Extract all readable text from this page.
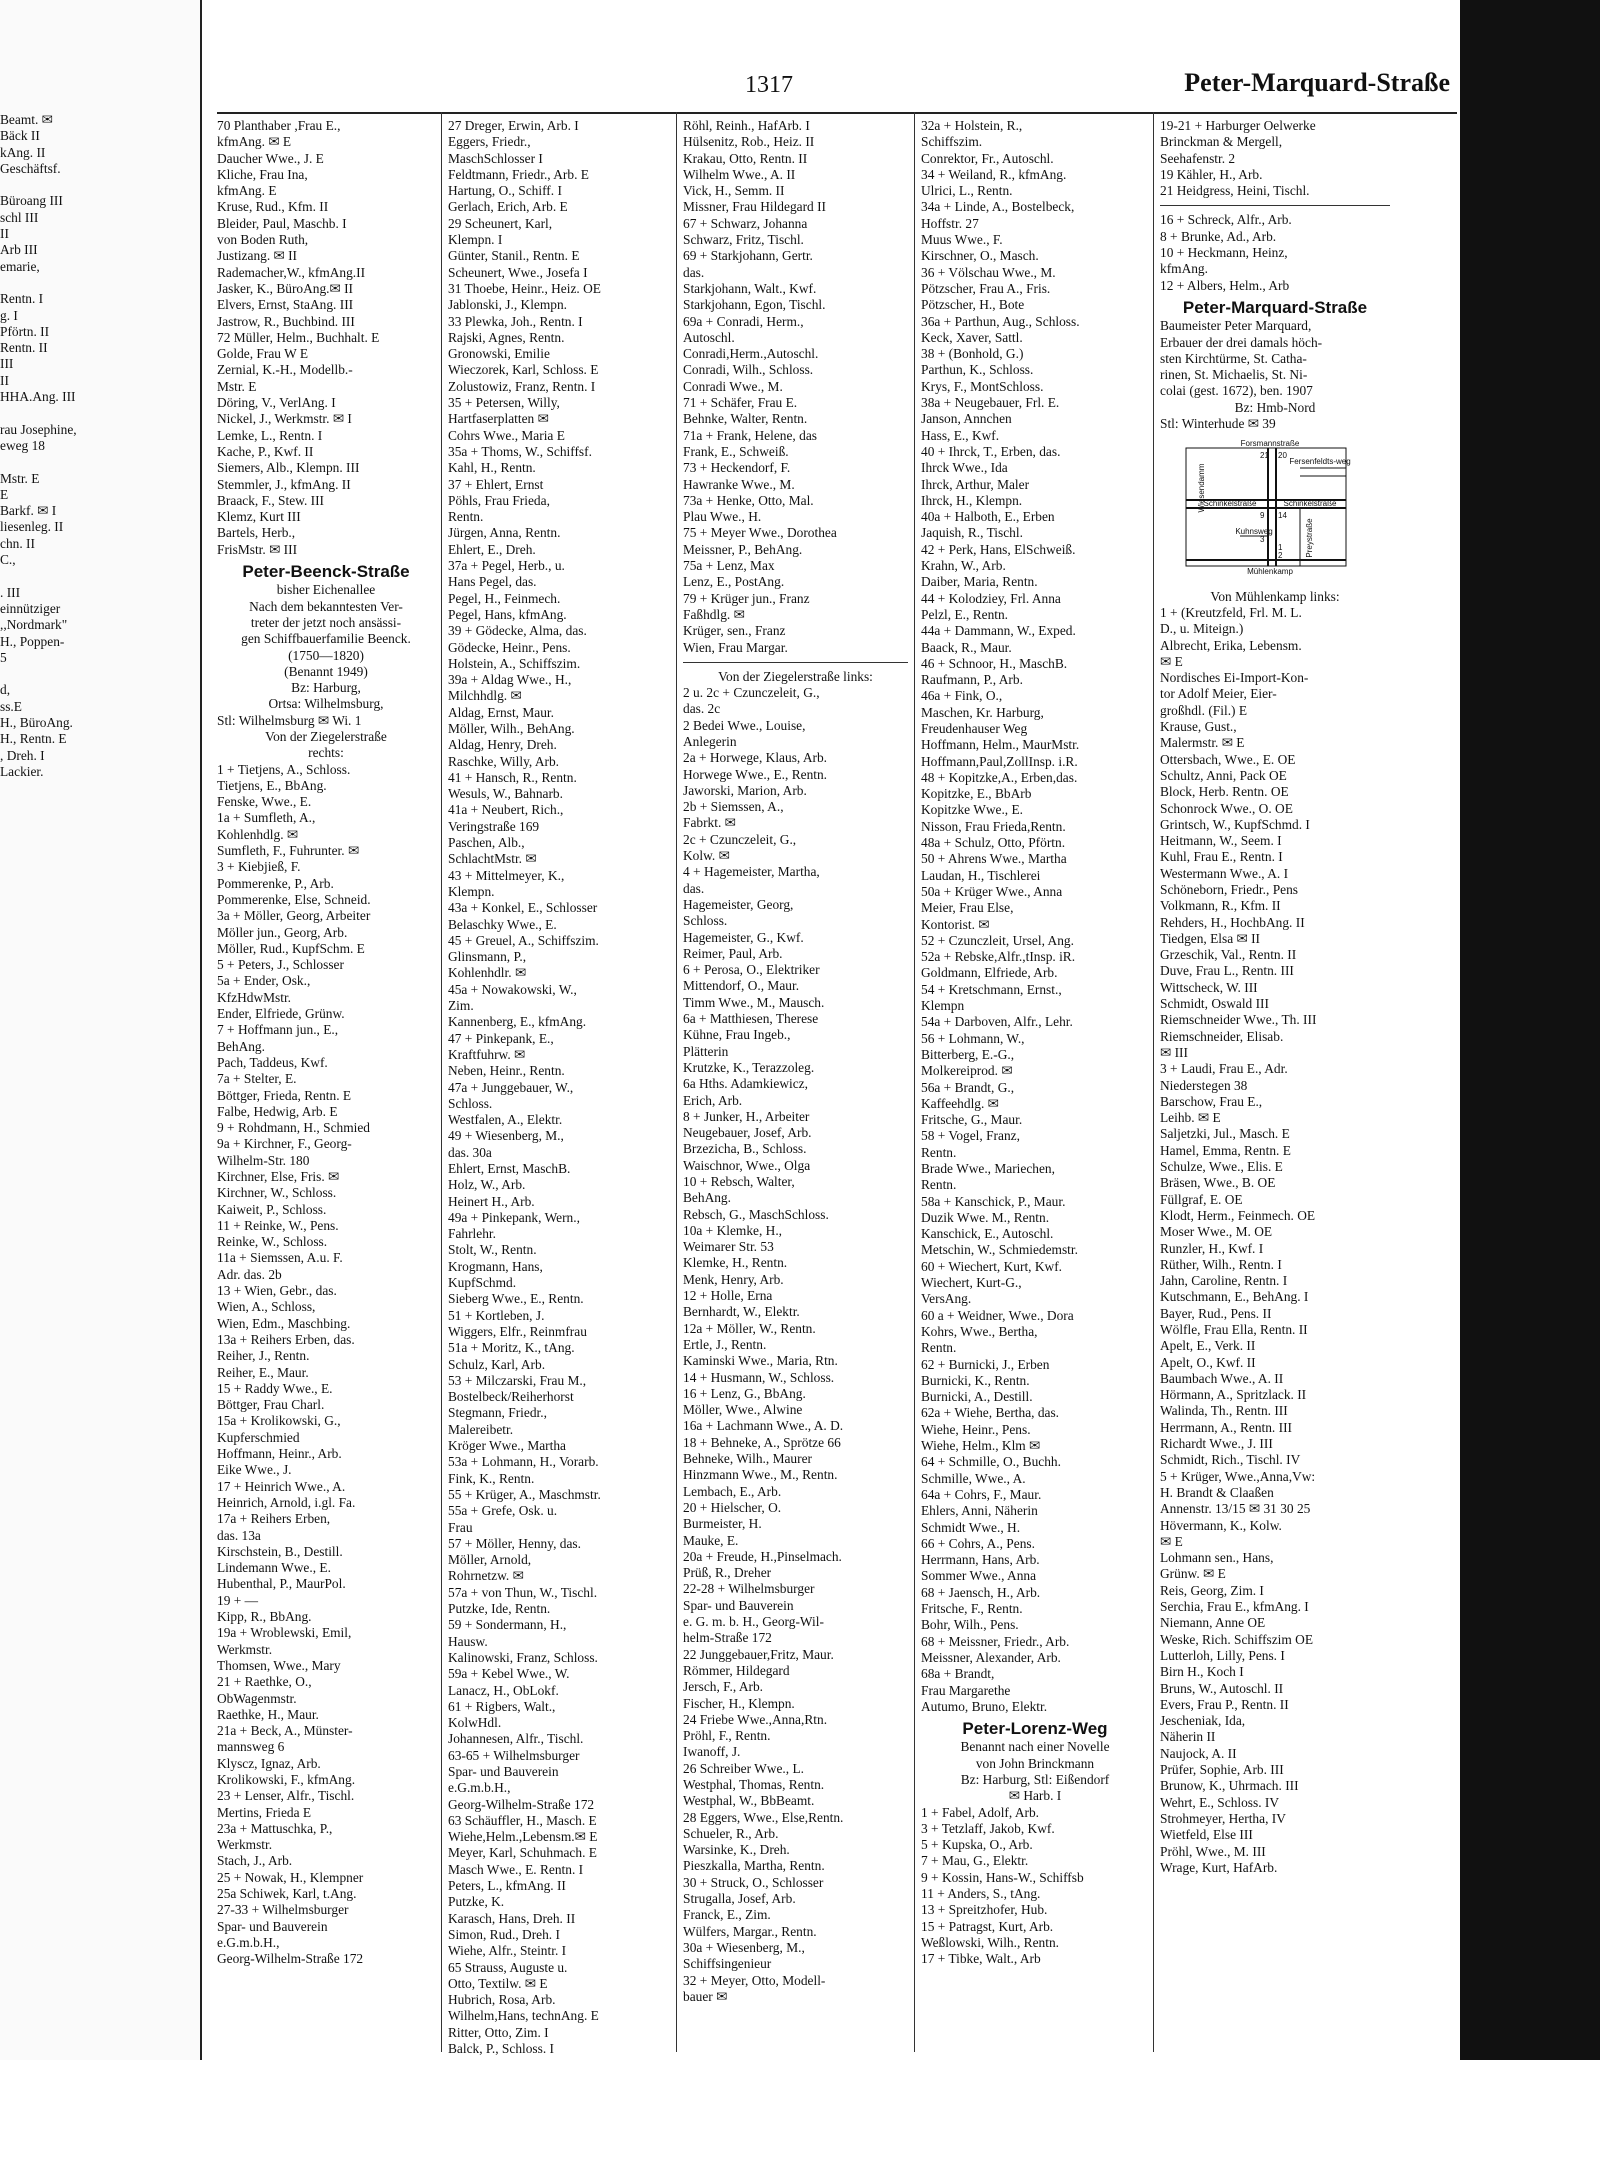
Beamt. ✉
Bäck II
kAng. II
Geschäftsf.

Büroang III
schl III
II
Arb III
emarie,

Rentn. I
g. I
Pförtn. II
Rentn. II
III
II
HHA.Ang. III

rau Josephine,
eweg 18

Mstr. E
E
Barkf. ✉ I
liesenleg. II
chn. II
C.,

. III
einnütziger
,,Nordmark"
H., Poppen-
5

d,
ss.E
H., BüroAng.
H., Rentn. E
, Dreh. I
Lackier.
1317	Peter-Marquard-Straße
70 Planthaber ,Frau E.,
kfmAng. ✉ E
Daucher Wwe., J. E
Kliche, Frau Ina,
kfmAng. E
Kruse, Rud., Kfm. II
Bleider, Paul, Maschb. I
von Boden Ruth,
Justizang. ✉ II
Rademacher,W., kfmAng.II
Jasker, K., BüroAng.✉ II
Elvers, Ernst, StaAng. III
Jastrow, R., Buchbind. III
72 Müller, Helm., Buchhalt. E
Golde, Frau W E
Zernial, K.-H., Modellb.-
Mstr. E
Döring, V., VerlAng. I
Nickel, J., Werkmstr. ✉ I
Lemke, L., Rentn. I
Kache, P., Kwf. II
Siemers, Alb., Klempn. III
Stemmler, J., kfmAng. II
Braack, F., Stew. III
Klemz, Kurt III
Bartels, Herb.,
FrisMstr. ✉ III
Peter-Beenck-Straße
bisher Eichenallee
Nach dem bekanntesten Ver-
treter der jetzt noch ansässi-
gen Schiffbauerfamilie Beenck.
(1750—1820)
(Benannt 1949)
Bz: Harburg,
Ortsa: Wilhelmsburg,
Stl: Wilhelmsburg ✉ Wi. 1
Von der Ziegelerstraße
rechts:
1 + Tietjens, A., Schloss.
Tietjens, E., BbAng.
Fenske, Wwe., E.
1a + Sumfleth, A.,
Kohlenhdlg. ✉
Sumfleth, F., Fuhrunter. ✉
3 + Kiebjieß, F.
Pommerenke, P., Arb.
Pommerenke, Else, Schneid.
3a + Möller, Georg, Arbeiter
Möller jun., Georg, Arb.
Möller, Rud., KupfSchm. E
5 + Peters, J., Schlosser
5a + Ender, Osk.,
KfzHdwMstr.
Ender, Elfriede, Grünw.
7 + Hoffmann jun., E.,
BehAng.
Pach, Taddeus, Kwf.
7a + Stelter, E.
Böttger, Frieda, Rentn. E
Falbe, Hedwig, Arb. E
9 + Rohdmann, H., Schmied
9a + Kirchner, F., Georg-
Wilhelm-Str. 180
Kirchner, Else, Fris. ✉
Kirchner, W., Schloss.
Kaiweit, P., Schloss.
11 + Reinke, W., Pens.
Reinke, W., Schloss.
11a + Siemssen, A.u. F.
Adr. das. 2b
13 + Wien, Gebr., das.
Wien, A., Schloss,
Wien, Edm., Maschbing.
13a + Reihers Erben, das.
Reiher, J., Rentn.
Reiher, E., Maur.
15 + Raddy Wwe., E.
Böttger, Frau Charl.
15a + Krolikowski, G.,
Kupferschmied
Hoffmann, Heinr., Arb.
Eike Wwe., J.
17 + Heinrich Wwe., A.
Heinrich, Arnold, i.gl. Fa.
17a + Reihers Erben,
das. 13a
Kirschstein, B., Destill.
Lindemann Wwe., E.
Hubenthal, P., MaurPol.
19 + —
Kipp, R., BbAng.
19a + Wroblewski, Emil,
Werkmstr.
Thomsen, Wwe., Mary
21 + Raethke, O.,
ObWagenmstr.
Raethke, H., Maur.
21a + Beck, A., Münster-
mannsweg 6
Klyscz, Ignaz, Arb.
Krolikowski, F., kfmAng.
23 + Lenser, Alfr., Tischl.
Mertins, Frieda E
23a + Mattuschka, P.,
Werkmstr.
Stach, J., Arb.
25 + Nowak, H., Klempner
25a Schiwek, Karl, t.Ang.
27-33 + Wilhelmsburger
Spar- und Bauverein
e.G.m.b.H.,
Georg-Wilhelm-Straße 172
27 Dreger, Erwin, Arb. I
Eggers, Friedr.,
MaschSchlosser I
Feldtmann, Friedr., Arb. E
Hartung, O., Schiff. I
Gerlach, Erich, Arb. E
29 Scheunert, Karl,
Klempn. I
Günter, Stanil., Rentn. E
Scheunert, Wwe., Josefa I
31 Thoebe, Heinr., Heiz. OE
Jablonski, J., Klempn.
33 Plewka, Joh., Rentn. I
Rajski, Agnes, Rentn.
Gronowski, Emilie
Wieczorek, Karl, Schloss. E
Zolustowiz, Franz, Rentn. I
35 + Petersen, Willy,
Hartfaserplatten ✉
Cohrs Wwe., Maria E
35a + Thoms, W., Schiffsf.
Kahl, H., Rentn.
37 + Ehlert, Ernst
Pöhls, Frau Frieda,
Rentn.
Jürgen, Anna, Rentn.
Ehlert, E., Dreh.
37a + Pegel, Herb., u.
Hans Pegel, das.
Pegel, H., Feinmech.
Pegel, Hans, kfmAng.
39 + Gödecke, Alma, das.
Gödecke, Heinr., Pens.
Holstein, A., Schiffszim.
39a + Aldag Wwe., H.,
Milchhdlg. ✉
Aldag, Ernst, Maur.
Möller, Wilh., BehAng.
Aldag, Henry, Dreh.
Raschke, Willy, Arb.
41 + Hansch, R., Rentn.
Wesuls, W., Bahnarb.
41a + Neubert, Rich.,
Veringstraße 169
Paschen, Alb.,
SchlachtMstr. ✉
43 + Mittelmeyer, K.,
Klempn.
43a + Konkel, E., Schlosser
Belaschky Wwe., E.
45 + Greuel, A., Schiffszim.
Glinsmann, P.,
Kohlenhdlr. ✉
45a + Nowakowski, W.,
Zim.
Kannenberg, E., kfmAng.
47 + Pinkepank, E.,
Kraftfuhrw. ✉
Neben, Heinr., Rentn.
47a + Junggebauer, W.,
Schloss.
Westfalen, A., Elektr.
49 + Wiesenberg, M.,
das. 30a
Ehlert, Ernst, MaschB.
Holz, W., Arb.
Heinert H., Arb.
49a + Pinkepank, Wern.,
Fahrlehr.
Stolt, W., Rentn.
Krogmann, Hans,
KupfSchmd.
Sieberg Wwe., E., Rentn.
51 + Kortleben, J.
Wiggers, Elfr., Reinmfrau
51a + Moritz, K., tAng.
Schulz, Karl, Arb.
53 + Milczarski, Frau M.,
Bostelbeck/Reiherhorst
Stegmann, Friedr.,
Malereibetr.
Kröger Wwe., Martha
53a + Lohmann, H., Vorarb.
Fink, K., Rentn.
55 + Krüger, A., Maschmstr.
55a + Grefe, Osk. u.
Frau
57 + Möller, Henny, das.
Möller, Arnold,
Rohrnetzw. ✉
57a + von Thun, W., Tischl.
Putzke, Ide, Rentn.
59 + Sondermann, H.,
Hausw.
Kalinowski, Franz, Schloss.
59a + Kebel Wwe., W.
Lanacz, H., ObLokf.
61 + Rigbers, Walt.,
KolwHdl.
Johannesen, Alfr., Tischl.
63-65 + Wilhelmsburger
Spar- und Bauverein
e.G.m.b.H.,
Georg-Wilhelm-Straße 172
63 Schäuffler, H., Masch. E
Wiehe,Helm.,Lebensm.✉ E
Meyer, Karl, Schuhmach. E
Masch Wwe., E. Rentn. I
Peters, L., kfmAng. II
Putzke, K.
Karasch, Hans, Dreh. II
Simon, Rud., Dreh. I
Wiehe, Alfr., Steintr. I
65 Strauss, Auguste u.
Otto, Textilw. ✉ E
Hubrich, Rosa, Arb.
Wilhelm,Hans, technAng. E
Ritter, Otto, Zim. I
Balck, P., Schloss. I
Röhl, Reinh., HafArb. I
Hülsenitz, Rob., Heiz. II
Krakau, Otto, Rentn. II
Wilhelm Wwe., A. II
Vick, H., Semm. II
Missner, Frau Hildegard II
67 + Schwarz, Johanna
Schwarz, Fritz, Tischl.
69 + Starkjohann, Gertr.
das.
Starkjohann, Walt., Kwf.
Starkjohann, Egon, Tischl.
69a + Conradi, Herm.,
Autoschl.
Conradi,Herm.,Autoschl.
Conradi, Wilh., Schloss.
Conradi Wwe., M.
71 + Schäfer, Frau E.
Behnke, Walter, Rentn.
71a + Frank, Helene, das
Frank, E., Schweiß.
73 + Heckendorf, F.
Hawranke Wwe., M.
73a + Henke, Otto, Mal.
Plau Wwe., H.
75 + Meyer Wwe., Dorothea
Meissner, P., BehAng.
75a + Lenz, Max
Lenz, E., PostAng.
79 + Krüger jun., Franz
Faßhdlg. ✉
Krüger, sen., Franz
Wien, Frau Margar.
Von der Ziegelerstraße links:
2 u. 2c + Czunczeleit, G.,
das. 2c
2 Bedei Wwe., Louise,
Anlegerin
2a + Horwege, Klaus, Arb.
Horwege Wwe., E., Rentn.
Jaworski, Marion, Arb.
2b + Siemssen, A.,
Fabrkt. ✉
2c + Czunczeleit, G.,
Kolw. ✉
4 + Hagemeister, Martha,
das.
Hagemeister, Georg,
Schloss.
Hagemeister, G., Kwf.
Reimer, Paul, Arb.
6 + Perosa, O., Elektriker
Mittendorf, O., Maur.
Timm Wwe., M., Mausch.
6a + Matthiesen, Therese
Kühne, Frau Ingeb.,
Plätterin
Krutzke, K., Terazzoleg.
6a Hths. Adamkiewicz,
Erich, Arb.
8 + Junker, H., Arbeiter
Neugebauer, Josef, Arb.
Brzezicha, B., Schloss.
Waischnor, Wwe., Olga
10 + Rebsch, Walter,
BehAng.
Rebsch, G., MaschSchloss.
10a + Klemke, H.,
Weimarer Str. 53
Klemke, H., Rentn.
Menk, Henry, Arb.
12 + Holle, Erna
Bernhardt, W., Elektr.
12a + Möller, W., Rentn.
Ertle, J., Rentn.
Kaminski Wwe., Maria, Rtn.
14 + Husmann, W., Schloss.
16 + Lenz, G., BbAng.
Möller, Wwe., Alwine
16a + Lachmann Wwe., A. D.
18 + Behneke, A., Sprötze 66
Behneke, Wilh., Maurer
Hinzmann Wwe., M., Rentn.
Lembach, E., Arb.
20 + Hielscher, O.
Burmeister, H.
Mauke, E.
20a + Freude, H.,Pinselmach.
Prüß, R., Dreher
22-28 + Wilhelmsburger
Spar- und Bauverein
e. G. m. b. H., Georg-Wil-
helm-Straße 172
22 Junggebauer,Fritz, Maur.
Römmer, Hildegard
Jersch, F., Arb.
Fischer, H., Klempn.
24 Friebe Wwe.,Anna,Rtn.
Pröhl, F., Rentn.
Iwanoff, J.
26 Schreiber Wwe., L.
Westphal, Thomas, Rentn.
Westphal, W., BbBeamt.
28 Eggers, Wwe., Else,Rentn.
Schueler, R., Arb.
Warsinke, K., Dreh.
Pieszkalla, Martha, Rentn.
30 + Struck, O., Schlosser
Strugalla, Josef, Arb.
Franck, E., Zim.
Wülfers, Margar., Rentn.
30a + Wiesenberg, M.,
Schiffsingenieur
32 + Meyer, Otto, Modell-
bauer ✉
32a + Holstein, R.,
Schiffszim.
Conrektor, Fr., Autoschl.
34 + Weiland, R., kfmAng.
Ulrici, L., Rentn.
34a + Linde, A., Bostelbeck,
Hoffstr. 27
Muus Wwe., F.
Kirschner, O., Masch.
36 + Völschau Wwe., M.
Pötzscher, Frau A., Fris.
Pötzscher, H., Bote
36a + Parthun, Aug., Schloss.
Keck, Xaver, Sattl.
38 + (Bonhold, G.)
Parthun, K., Schloss.
Krys, F., MontSchloss.
38a + Neugebauer, Frl. E.
Janson, Annchen
Hass, E., Kwf.
40 + Ihrck, T., Erben, das.
Ihrck Wwe., Ida
Ihrck, Arthur, Maler
Ihrck, H., Klempn.
40a + Halboth, E., Erben
Jaquish, R., Tischl.
42 + Perk, Hans, ElSchweiß.
Krahn, W., Arb.
Daiber, Maria, Rentn.
44 + Kolodziey, Frl. Anna
Pelzl, E., Rentn.
44a + Dammann, W., Exped.
Baack, R., Maur.
46 + Schnoor, H., MaschB.
Raufmann, P., Arb.
46a + Fink, O.,
Maschen, Kr. Harburg,
Freudenhauser Weg
Hoffmann, Helm., MaurMstr.
Hoffmann,Paul,ZollInsp. i.R.
48 + Kopitzke,A., Erben,das.
Kopitzke, E., BbArb
Kopitzke Wwe., E.
Nisson, Frau Frieda,Rentn.
48a + Schulz, Otto, Pförtn.
50 + Ahrens Wwe., Martha
Laudan, H., Tischlerei
50a + Krüger Wwe., Anna
Meier, Frau Else,
Kontorist. ✉
52 + Czunczleit, Ursel, Ang.
52a + Rebske,Alfr.,tInsp. iR.
Goldmann, Elfriede, Arb.
54 + Kretschmann, Ernst.,
Klempn
54a + Darboven, Alfr., Lehr.
56 + Lohmann, W.,
Bitterberg, E.-G.,
Molkereiprod. ✉
56a + Brandt, G.,
Kaffeehdlg. ✉
Fritsche, G., Maur.
58 + Vogel, Franz,
Rentn.
Brade Wwe., Mariechen,
Rentn.
58a + Kanschick, P., Maur.
Duzik Wwe. M., Rentn.
Kanschick, E., Autoschl.
Metschin, W., Schmiedemstr.
60 + Wiechert, Kurt, Kwf.
Wiechert, Kurt-G.,
VersAng.
60 a + Weidner, Wwe., Dora
Kohrs, Wwe., Bertha,
Rentn.
62 + Burnicki, J., Erben
Burnicki, K., Rentn.
Burnicki, A., Destill.
62a + Wiehe, Bertha, das.
Wiehe, Heinr., Pens.
Wiehe, Helm., Klm ✉
64 + Schmille, O., Buchh.
Schmille, Wwe., A.
64a + Cohrs, F., Maur.
Ehlers, Anni, Näherin
Schmidt Wwe., H.
66 + Cohrs, A., Pens.
Herrmann, Hans, Arb.
Sommer Wwe., Anna
68 + Jaensch, H., Arb.
Fritsche, F., Rentn.
Bohr, Wilh., Pens.
68 + Meissner, Friedr., Arb.
Meissner, Alexander, Arb.
68a + Brandt,
Frau Margarethe
Autumo, Bruno, Elektr.
Peter-Lorenz-Weg
Benannt nach einer Novelle
von John Brinckmann
Bz: Harburg, Stl: Eißendorf
✉ Harb. I
1 + Fabel, Adolf, Arb.
3 + Tetzlaff, Jakob, Kwf.
5 + Kupska, O., Arb.
7 + Mau, G., Elektr.
9 + Kossin, Hans-W., Schiffsb
11 + Anders, S., tAng.
13 + Spreitzhofer, Hub.
15 + Patragst, Kurt, Arb.
Weßlowski, Wilh., Rentn.
17 + Tibke, Walt., Arb
19-21 + Harburger Oelwerke
Brinckman & Mergell,
Seehafenstr. 2
19 Kähler, H., Arb.
21 Heidgress, Heini, Tischl.
16 + Schreck, Alfr., Arb.
8 + Brunke, Ad., Arb.
10 + Heckmann, Heinz,
kfmAng.
12 + Albers, Helm., Arb
Peter-Marquard-Straße
Baumeister Peter Marquard,
Erbauer der drei damals höch-
sten Kirchtürme, St. Catha-
rinen, St. Michaelis, St. Ni-
colai (gest. 1672), ben. 1907
Bz: Hmb-Nord
Stl: Winterhude ✉ 39
Forsmannstraße
Wiesendamm
Schinkelstraße	Schinkelstraße
Fersenfeldts-weg
Kuhnsweg	Preystraße
Mühlenkamp
21 20
9 14
1
3
2
Von Mühlenkamp links:
1 + (Kreutzfeld, Frl. M. L.
D., u. Miteign.)
Albrecht, Erika, Lebensm.
✉ E
Nordisches Ei-Import-Kon-
tor Adolf Meier, Eier-
großhdl. (Fil.) E
Krause, Gust.,
Malermstr. ✉ E
Ottersbach, Wwe., E. OE
Schultz, Anni, Pack OE
Block, Herb. Rentn. OE
Schonrock Wwe., O. OE
Grintsch, W., KupfSchmd. I
Heitmann, W., Seem. I
Kuhl, Frau E., Rentn. I
Westermann Wwe., A. I
Schöneborn, Friedr., Pens
Volkmann, R., Kfm. II
Rehders, H., HochbAng. II
Tiedgen, Elsa ✉ II
Grzeschik, Val., Rentn. II
Duve, Frau L., Rentn. III
Wittscheck, W. III
Schmidt, Oswald III
Riemschneider Wwe., Th. III
Riemschneider, Elisab.
✉ III
3 + Laudi, Frau E., Adr.
Niederstegen 38
Barschow, Frau E.,
Leihb. ✉ E
Saljetzki, Jul., Masch. E
Hamel, Emma, Rentn. E
Schulze, Wwe., Elis. E
Bräsen, Wwe., B. OE
Füllgraf, E. OE
Klodt, Herm., Feinmech. OE
Moser Wwe., M. OE
Runzler, H., Kwf. I
Rüther, Wilh., Rentn. I
Jahn, Caroline, Rentn. I
Kutschmann, E., BehAng. I
Bayer, Rud., Pens. II
Wölfle, Frau Ella, Rentn. II
Apelt, E., Verk. II
Apelt, O., Kwf. II
Baumbach Wwe., A. II
Hörmann, A., Spritzlack. II
Walinda, Th., Rentn. III
Herrmann, A., Rentn. III
Richardt Wwe., J. III
Schmidt, Rich., Tischl. IV
5 + Krüger, Wwe.,Anna,Vw:
H. Brandt & Claaßen
Annenstr. 13/15 ✉ 31 30 25
Hövermann, K., Kolw.
✉ E
Lohmann sen., Hans,
Grünw. ✉ E
Reis, Georg, Zim. I
Serchia, Frau E., kfmAng. I
Niemann, Anne OE
Weske, Rich. Schiffszim OE
Lutterloh, Lilly, Pens. I
Birn H., Koch I
Bruns, W., Autoschl. II
Evers, Frau P., Rentn. II
Jescheniak, Ida,
Näherin II
Naujock, A. II
Prüfer, Sophie, Arb. III
Brunow, K., Uhrmach. III
Wehrt, E., Schloss. IV
Strohmeyer, Hertha, IV
Wietfeld, Else III
Pröhl, Wwe., M. III
Wrage, Kurt, HafArb.
